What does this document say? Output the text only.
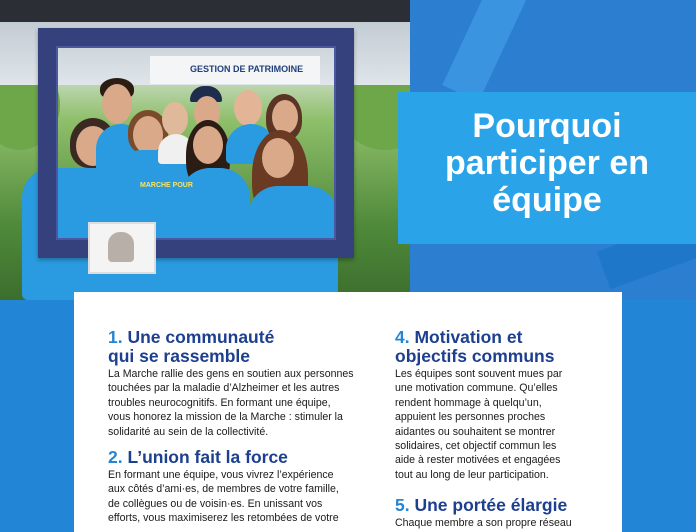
GESTION DE PATRIMOINE
MARCHE POUR
Pourquoi
participer en
équipe
1. Une communauté
qui se rassemble

La Marche rallie des gens en soutien aux personnes
touchées par la maladie d’Alzheimer et les autres
troubles neurocognitifs. En formant une équipe,
vous honorez la mission de la Marche : stimuler la
solidarité au sein de la collectivité.

2. L’union fait la force

En formant une équipe, vous vivrez l’expérience
aux côtés d’ami·es, de membres de votre famille,
de collègues ou de voisin·es. En unissant vos
efforts, vous maximiserez les retombées de votre

4. Motivation et
objectifs communs

Les équipes sont souvent mues par
une motivation commune. Qu’elles
rendent hommage à quelqu’un,
appuient les personnes proches
aidantes ou souhaitent se montrer
solidaires, cet objectif commun les
aide à rester motivées et engagées
tout au long de leur participation.

5. Une portée élargie

Chaque membre a son propre réseau
